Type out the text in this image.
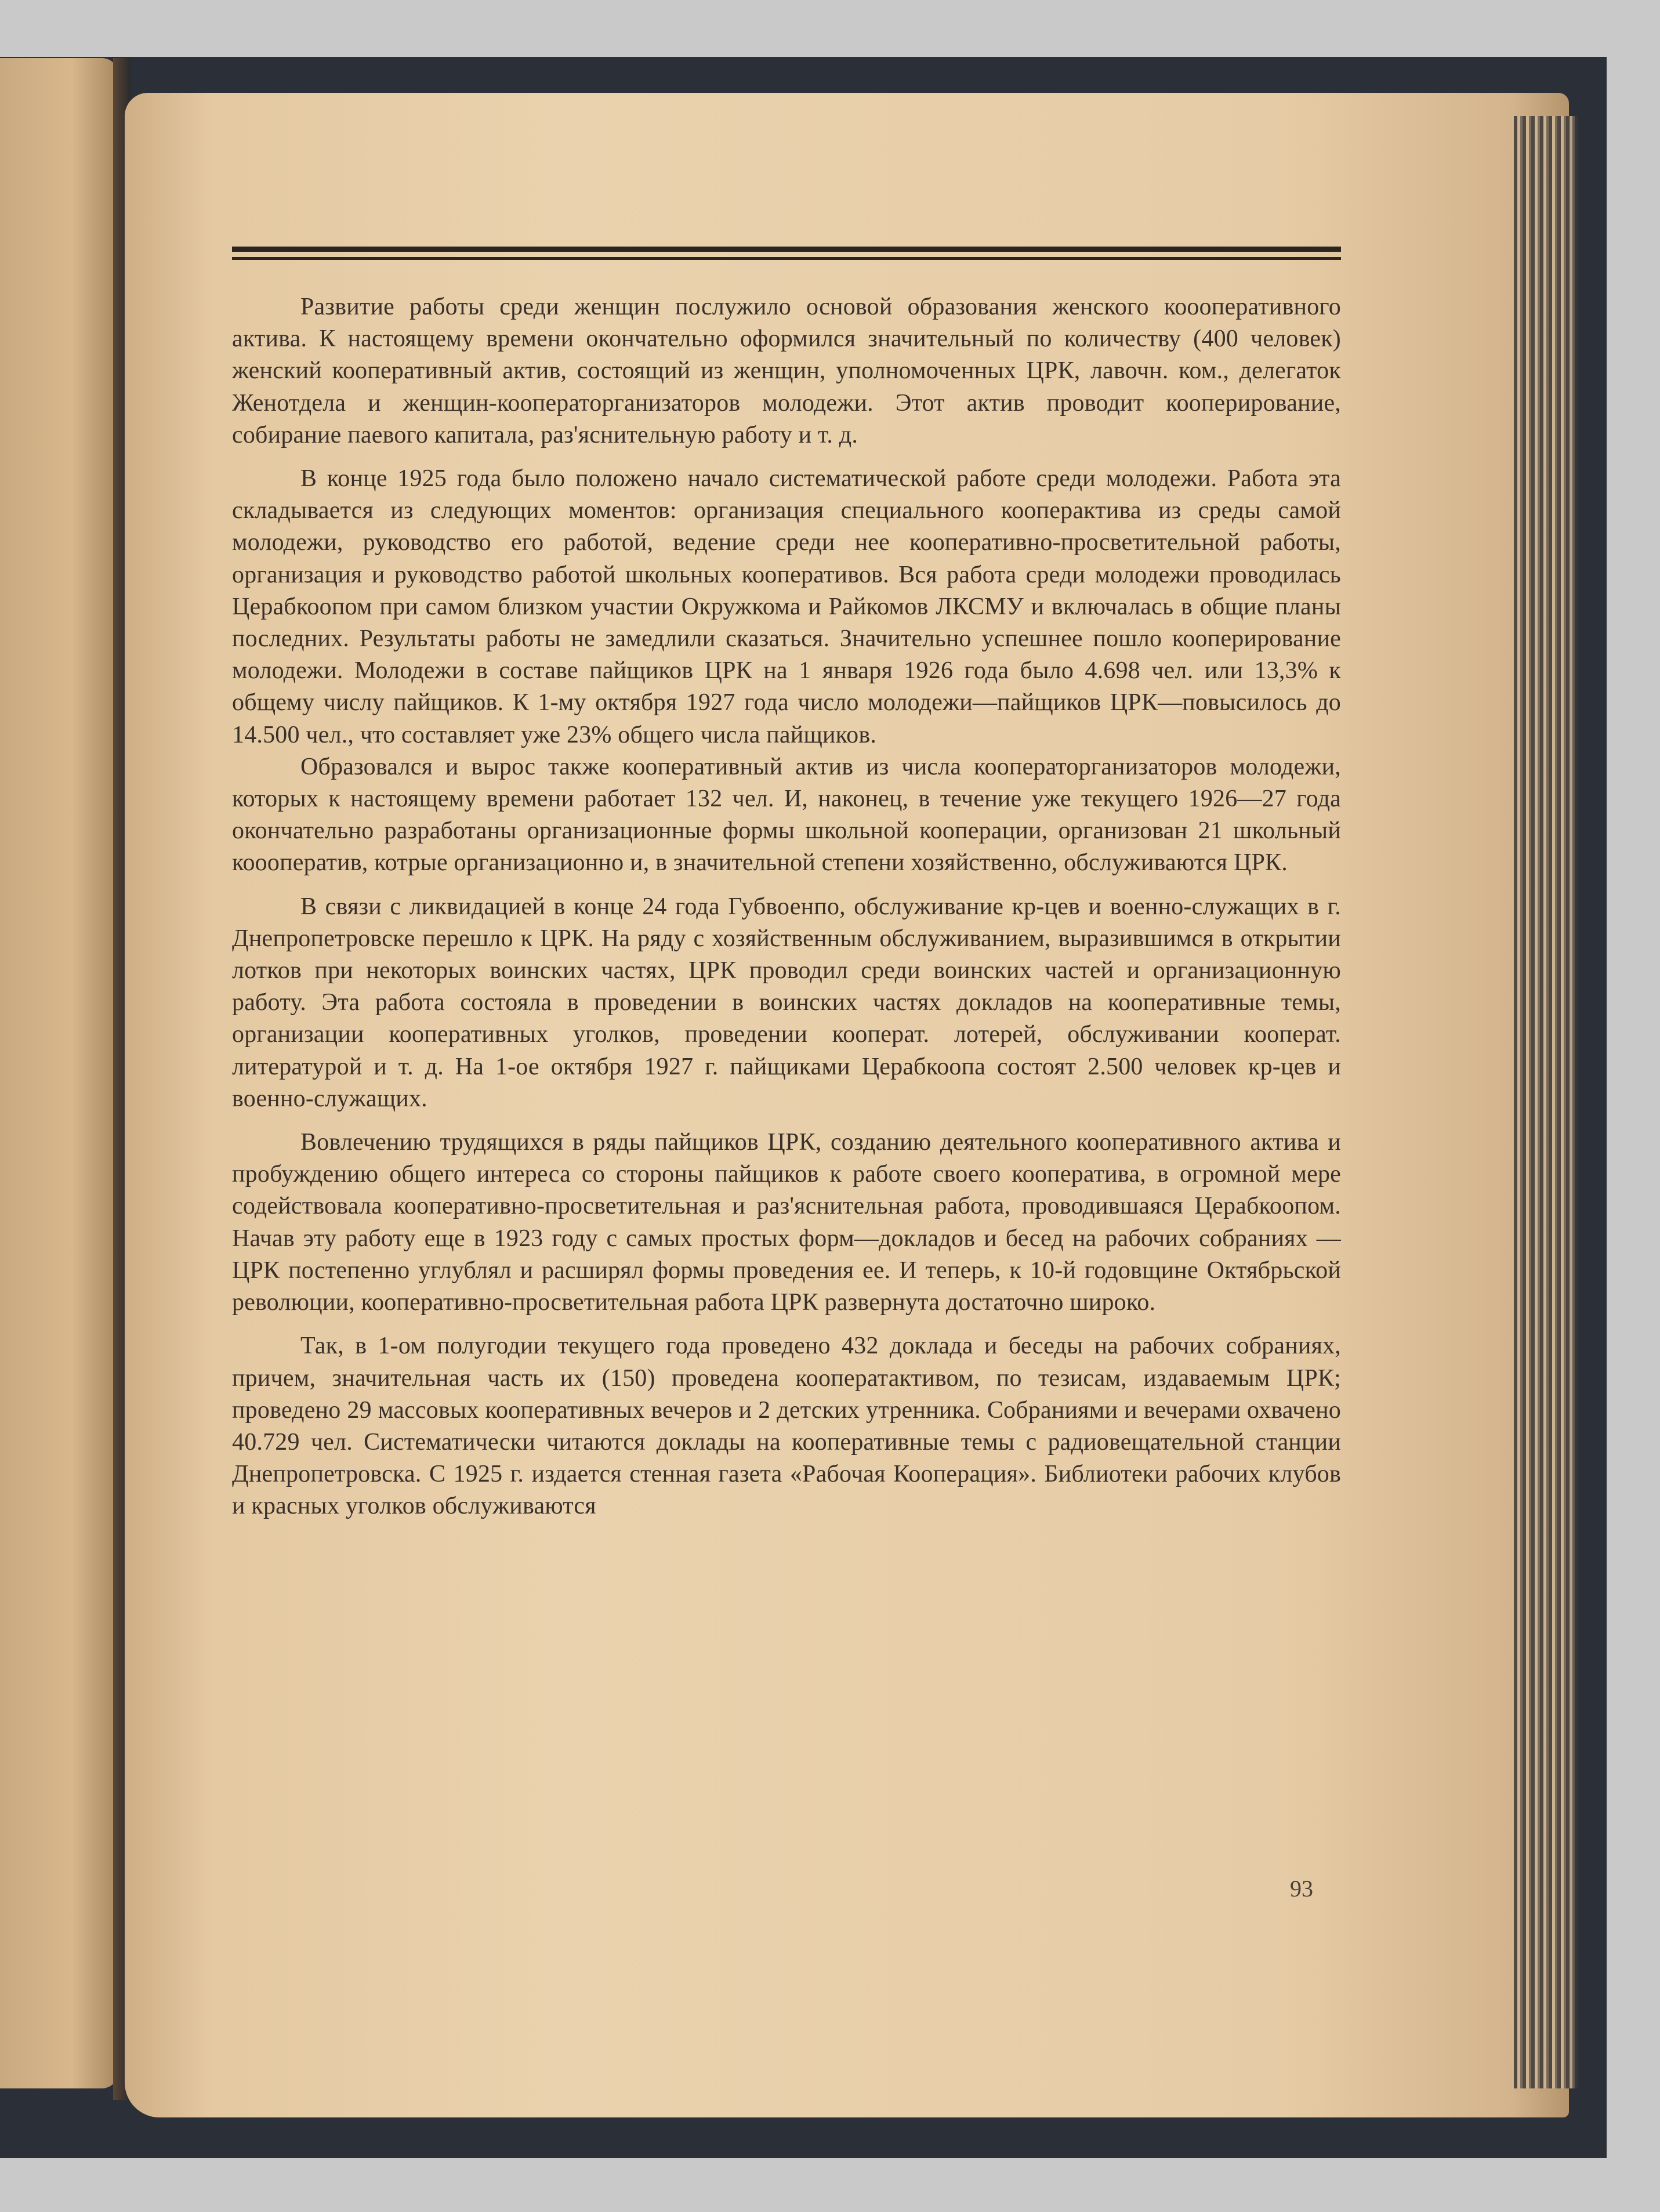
Развитие работы среди женщин послужило основой образования женского коооперативного актива. К настоящему времени окончательно оформился значительный по количеству (400 человек) женский кооперативный актив, состоящий из женщин, уполномоченных ЦРК, лавочн. ком., делегаток Женотдела и женщин-кооператорганизаторов молодежи. Этот актив проводит кооперирование, собирание паевого капитала, раз'яснительную работу и т. д.

В конце 1925 года было положено начало систематической работе среди молодежи. Работа эта складывается из следующих моментов: организация специального кооперактива из среды самой молодежи, руководство его работой, ведение среди нее кооперативно-просветительной работы, организация и руководство работой школьных кооперативов. Вся работа среди молодежи проводилась Церабкоопом при самом близком участии Окружкома и Райкомов ЛКСМУ и включалась в общие планы последних. Результаты работы не замедлили сказаться. Значительно успешнее пошло кооперирование молодежи. Молодежи в составе пайщиков ЦРК на 1 января 1926 года было 4.698 чел. или 13,3% к общему числу пайщиков. К 1-му октября 1927 года число молодежи—пайщиков ЦРК—повысилось до 14.500 чел., что составляет уже 23% общего числа пайщиков.

Образовался и вырос также кооперативный актив из числа кооператорганизаторов молодежи, которых к настоящему времени работает 132 чел. И, наконец, в течение уже текущего 1926—27 года окончательно разработаны организационные формы школьной кооперации, организован 21 школьный коооператив, котрые организационно и, в значительной степени хозяйственно, обслуживаются ЦРК.

В связи с ликвидацией в конце 24 года Губвоенпо, обслуживание кр-цев и военно-служащих в г. Днепропетровске перешло к ЦРК. На ряду с хозяйственным обслуживанием, выразившимся в открытии лотков при некоторых воинских частях, ЦРК проводил среди воинских частей и организационную работу. Эта работа состояла в проведении в воинских частях докладов на кооперативные темы, организации кооперативных уголков, проведении кооперат. лотерей, обслуживании кооперат. литературой и т. д. На 1-ое октября 1927 г. пайщиками Церабкоопа состоят 2.500 человек кр-цев и военно-служащих.

Вовлечению трудящихся в ряды пайщиков ЦРК, созданию деятельного кооперативного актива и пробуждению общего интереса со стороны пайщиков к работе своего кооператива, в огромной мере содействовала кооперативно-просветительная и раз'яснительная работа, проводившаяся Церабкоопом. Начав эту работу еще в 1923 году с самых простых форм—докладов и бесед на рабочих собраниях — ЦРК постепенно углублял и расширял формы проведения ее. И теперь, к 10-й годовщине Октябрьской революции, кооперативно-просветительная работа ЦРК развернута достаточно широко.

Так, в 1-ом полугодии текущего года проведено 432 доклада и беседы на рабочих собраниях, причем, значительная часть их (150) проведена кооператактивом, по тезисам, издаваемым ЦРК; проведено 29 массовых кооперативных вечеров и 2 детских утренника. Собраниями и вечерами охвачено 40.729 чел. Систематически читаются доклады на кооперативные темы с радиовещательной станции Днепропетровска. С 1925 г. издается стенная газета «Рабочая Кооперация». Библиотеки рабочих клубов и красных уголков обслуживаются

93
